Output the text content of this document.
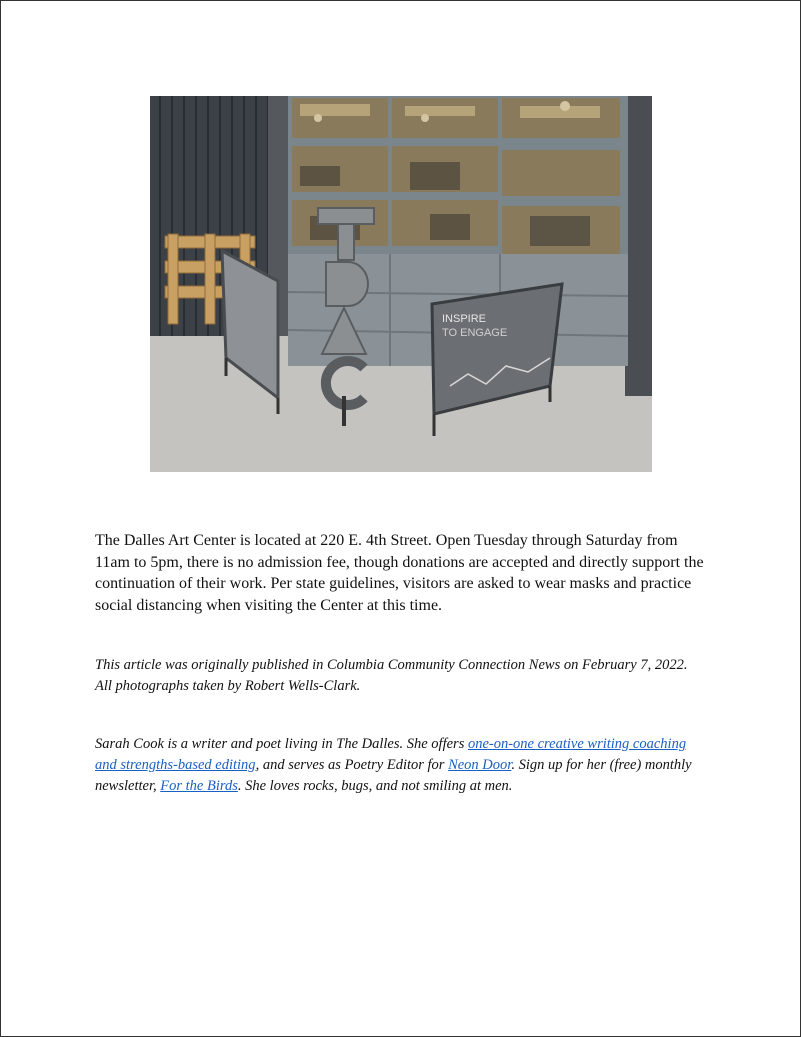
INSPIRE
TO ENGAGE

The Dalles Art Center is located at 220 E. 4th Street. Open Tuesday through Saturday from 11am to 5pm, there is no admission fee, though donations are accepted and directly support the continuation of their work. Per state guidelines, visitors are asked to wear masks and practice social distancing when visiting the Center at this time.

This article was originally published in Columbia Community Connection News on February 7, 2022. All photographs taken by Robert Wells-Clark.

Sarah Cook is a writer and poet living in The Dalles. She offers one-on-one creative writing coaching and strengths-based editing, and serves as Poetry Editor for Neon Door. Sign up for her (free) monthly newsletter, For the Birds. She loves rocks, bugs, and not smiling at men.
